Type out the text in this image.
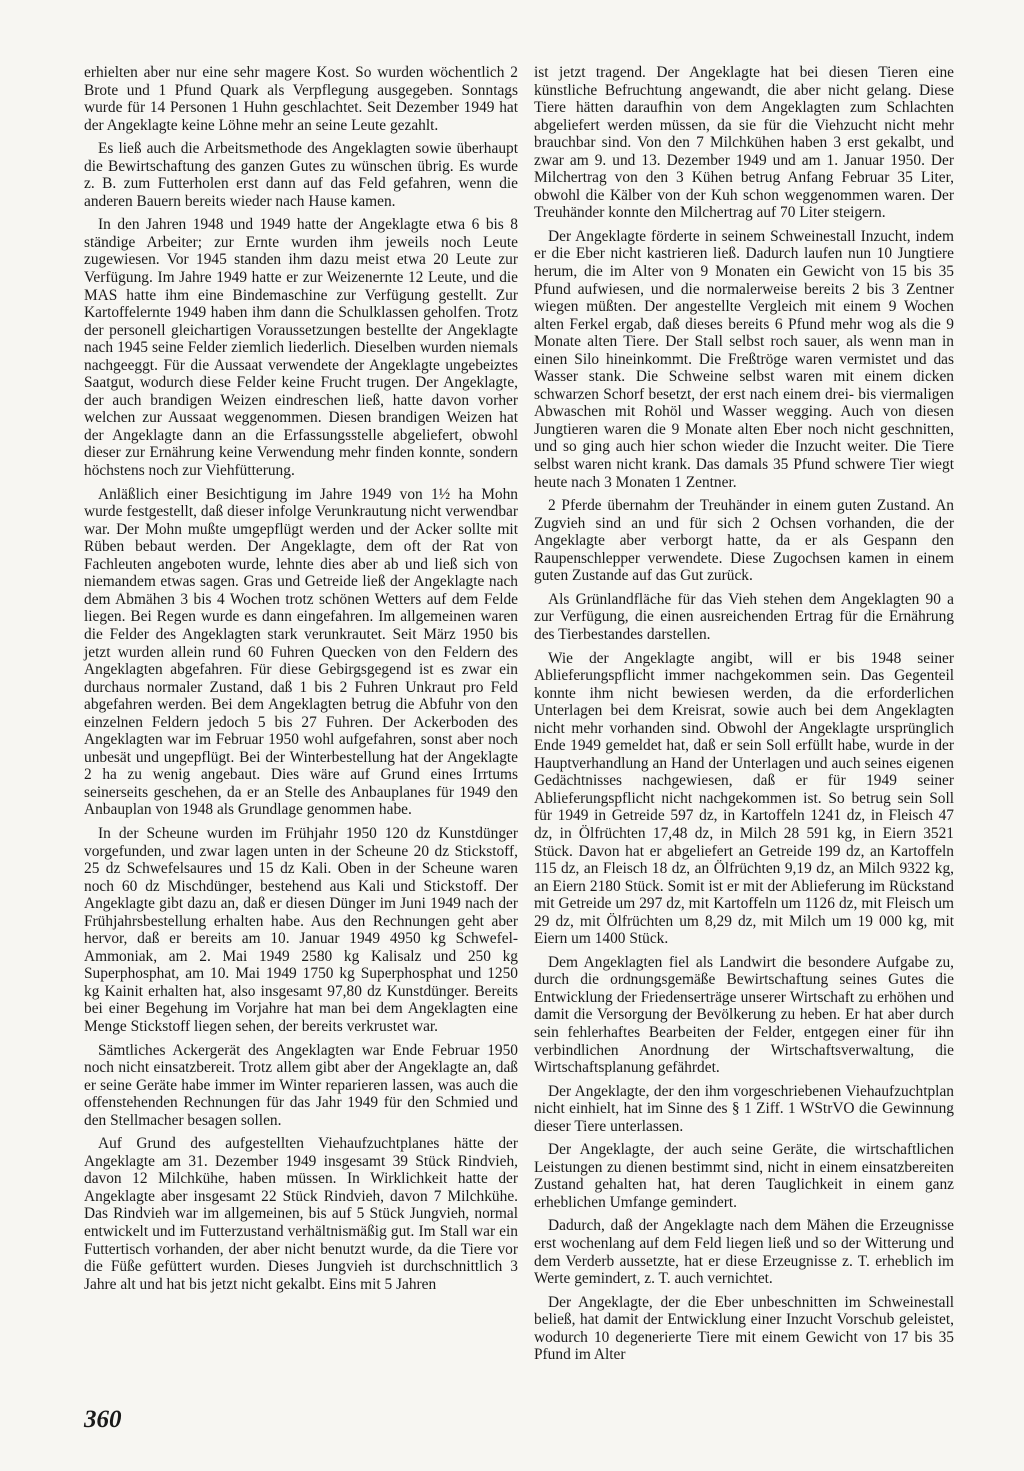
erhielten aber nur eine sehr magere Kost. So wurden wöchentlich 2 Brote und 1 Pfund Quark als Verpflegung ausgegeben. Sonntags wurde für 14 Personen 1 Huhn geschlachtet. Seit Dezember 1949 hat der Angeklagte keine Löhne mehr an seine Leute gezahlt.

Es ließ auch die Arbeitsmethode des Angeklagten sowie überhaupt die Bewirtschaftung des ganzen Gutes zu wünschen übrig. Es wurde z. B. zum Futterholen erst dann auf das Feld gefahren, wenn die anderen Bauern bereits wieder nach Hause kamen.

In den Jahren 1948 und 1949 hatte der Angeklagte etwa 6 bis 8 ständige Arbeiter; zur Ernte wurden ihm jeweils noch Leute zugewiesen. Vor 1945 standen ihm dazu meist etwa 20 Leute zur Verfügung. Im Jahre 1949 hatte er zur Weizenernte 12 Leute, und die MAS hatte ihm eine Bindemaschine zur Verfügung gestellt. Zur Kartoffelernte 1949 haben ihm dann die Schulklassen geholfen. Trotz der personell gleichartigen Voraussetzungen bestellte der Angeklagte nach 1945 seine Felder ziemlich liederlich. Dieselben wurden niemals nachgeeggt. Für die Aussaat verwendete der Angeklagte ungebeiztes Saatgut, wodurch diese Felder keine Frucht trugen. Der Angeklagte, der auch brandigen Weizen eindreschen ließ, hatte davon vorher welchen zur Aussaat weggenommen. Diesen brandigen Weizen hat der Angeklagte dann an die Erfassungsstelle abgeliefert, obwohl dieser zur Ernährung keine Verwendung mehr finden konnte, sondern höchstens noch zur Viehfütterung.

Anläßlich einer Besichtigung im Jahre 1949 von 1½ ha Mohn wurde festgestellt, daß dieser infolge Verunkrautung nicht verwendbar war. Der Mohn mußte umgepflügt werden und der Acker sollte mit Rüben bebaut werden. Der Angeklagte, dem oft der Rat von Fachleuten angeboten wurde, lehnte dies aber ab und ließ sich von niemandem etwas sagen. Gras und Getreide ließ der Angeklagte nach dem Abmähen 3 bis 4 Wochen trotz schönen Wetters auf dem Felde liegen. Bei Regen wurde es dann eingefahren. Im allgemeinen waren die Felder des Angeklagten stark verunkrautet. Seit März 1950 bis jetzt wurden allein rund 60 Fuhren Quecken von den Feldern des Angeklagten abgefahren. Für diese Gebirgsgegend ist es zwar ein durchaus normaler Zustand, daß 1 bis 2 Fuhren Unkraut pro Feld abgefahren werden. Bei dem Angeklagten betrug die Abfuhr von den einzelnen Feldern jedoch 5 bis 27 Fuhren. Der Ackerboden des Angeklagten war im Februar 1950 wohl aufgefahren, sonst aber noch unbesät und ungepflügt. Bei der Winterbestellung hat der Angeklagte 2 ha zu wenig angebaut. Dies wäre auf Grund eines Irrtums seinerseits geschehen, da er an Stelle des Anbauplanes für 1949 den Anbauplan von 1948 als Grundlage genommen habe.

In der Scheune wurden im Frühjahr 1950 120 dz Kunstdünger vorgefunden, und zwar lagen unten in der Scheune 20 dz Stickstoff, 25 dz Schwefelsaures und 15 dz Kali. Oben in der Scheune waren noch 60 dz Mischdünger, bestehend aus Kali und Stickstoff. Der Angeklagte gibt dazu an, daß er diesen Dünger im Juni 1949 nach der Frühjahrsbestellung erhalten habe. Aus den Rechnungen geht aber hervor, daß er bereits am 10. Januar 1949 4950 kg Schwefel-Ammoniak, am 2. Mai 1949 2580 kg Kalisalz und 250 kg Superphosphat, am 10. Mai 1949 1750 kg Superphosphat und 1250 kg Kainit erhalten hat, also insgesamt 97,80 dz Kunstdünger. Bereits bei einer Begehung im Vorjahre hat man bei dem Angeklagten eine Menge Stickstoff liegen sehen, der bereits verkrustet war.

Sämtliches Ackergerät des Angeklagten war Ende Februar 1950 noch nicht einsatzbereit. Trotz allem gibt aber der Angeklagte an, daß er seine Geräte habe immer im Winter reparieren lassen, was auch die offenstehenden Rechnungen für das Jahr 1949 für den Schmied und den Stellmacher besagen sollen.

Auf Grund des aufgestellten Viehaufzuchtplanes hätte der Angeklagte am 31. Dezember 1949 insgesamt 39 Stück Rindvieh, davon 12 Milchkühe, haben müssen. In Wirklichkeit hatte der Angeklagte aber insgesamt 22 Stück Rindvieh, davon 7 Milchkühe. Das Rindvieh war im allgemeinen, bis auf 5 Stück Jungvieh, normal entwickelt und im Futterzustand verhältnismäßig gut. Im Stall war ein Futtertisch vorhanden, der aber nicht benutzt wurde, da die Tiere vor die Füße gefüttert wurden. Dieses Jungvieh ist durchschnittlich 3 Jahre alt und hat bis jetzt nicht gekalbt. Eins mit 5 Jahren

ist jetzt tragend. Der Angeklagte hat bei diesen Tieren eine künstliche Befruchtung angewandt, die aber nicht gelang. Diese Tiere hätten daraufhin von dem Angeklagten zum Schlachten abgeliefert werden müssen, da sie für die Viehzucht nicht mehr brauchbar sind. Von den 7 Milchkühen haben 3 erst gekalbt, und zwar am 9. und 13. Dezember 1949 und am 1. Januar 1950. Der Milchertrag von den 3 Kühen betrug Anfang Februar 35 Liter, obwohl die Kälber von der Kuh schon weggenommen waren. Der Treuhänder konnte den Milchertrag auf 70 Liter steigern.

Der Angeklagte förderte in seinem Schweinestall Inzucht, indem er die Eber nicht kastrieren ließ. Dadurch laufen nun 10 Jungtiere herum, die im Alter von 9 Monaten ein Gewicht von 15 bis 35 Pfund aufwiesen, und die normalerweise bereits 2 bis 3 Zentner wiegen müßten. Der angestellte Vergleich mit einem 9 Wochen alten Ferkel ergab, daß dieses bereits 6 Pfund mehr wog als die 9 Monate alten Tiere. Der Stall selbst roch sauer, als wenn man in einen Silo hineinkommt. Die Freßtröge waren vermistet und das Wasser stank. Die Schweine selbst waren mit einem dicken schwarzen Schorf besetzt, der erst nach einem drei- bis viermaligen Abwaschen mit Rohöl und Wasser wegging. Auch von diesen Jungtieren waren die 9 Monate alten Eber noch nicht geschnitten, und so ging auch hier schon wieder die Inzucht weiter. Die Tiere selbst waren nicht krank. Das damals 35 Pfund schwere Tier wiegt heute nach 3 Monaten 1 Zentner.

2 Pferde übernahm der Treuhänder in einem guten Zustand. An Zugvieh sind an und für sich 2 Ochsen vorhanden, die der Angeklagte aber verborgt hatte, da er als Gespann den Raupenschlepper verwendete. Diese Zugochsen kamen in einem guten Zustande auf das Gut zurück.

Als Grünlandfläche für das Vieh stehen dem Angeklagten 90 a zur Verfügung, die einen ausreichenden Ertrag für die Ernährung des Tierbestandes darstellen.

Wie der Angeklagte angibt, will er bis 1948 seiner Ablieferungspflicht immer nachgekommen sein. Das Gegenteil konnte ihm nicht bewiesen werden, da die erforderlichen Unterlagen bei dem Kreisrat, sowie auch bei dem Angeklagten nicht mehr vorhanden sind. Obwohl der Angeklagte ursprünglich Ende 1949 gemeldet hat, daß er sein Soll erfüllt habe, wurde in der Hauptverhandlung an Hand der Unterlagen und auch seines eigenen Gedächtnisses nachgewiesen, daß er für 1949 seiner Ablieferungspflicht nicht nachgekommen ist. So betrug sein Soll für 1949 in Getreide 597 dz, in Kartoffeln 1241 dz, in Fleisch 47 dz, in Ölfrüchten 17,48 dz, in Milch 28 591 kg, in Eiern 3521 Stück. Davon hat er abgeliefert an Getreide 199 dz, an Kartoffeln 115 dz, an Fleisch 18 dz, an Ölfrüchten 9,19 dz, an Milch 9322 kg, an Eiern 2180 Stück. Somit ist er mit der Ablieferung im Rückstand mit Getreide um 297 dz, mit Kartoffeln um 1126 dz, mit Fleisch um 29 dz, mit Ölfrüchten um 8,29 dz, mit Milch um 19 000 kg, mit Eiern um 1400 Stück.

Dem Angeklagten fiel als Landwirt die besondere Aufgabe zu, durch die ordnungsgemäße Bewirtschaftung seines Gutes die Entwicklung der Friedenserträge unserer Wirtschaft zu erhöhen und damit die Versorgung der Bevölkerung zu heben. Er hat aber durch sein fehlerhaftes Bearbeiten der Felder, entgegen einer für ihn verbindlichen Anordnung der Wirtschaftsverwaltung, die Wirtschaftsplanung gefährdet.

Der Angeklagte, der den ihm vorgeschriebenen Viehaufzuchtplan nicht einhielt, hat im Sinne des § 1 Ziff. 1 WStrVO die Gewinnung dieser Tiere unterlassen.

Der Angeklagte, der auch seine Geräte, die wirtschaftlichen Leistungen zu dienen bestimmt sind, nicht in einem einsatzbereiten Zustand gehalten hat, hat deren Tauglichkeit in einem ganz erheblichen Umfange gemindert.

Dadurch, daß der Angeklagte nach dem Mähen die Erzeugnisse erst wochenlang auf dem Feld liegen ließ und so der Witterung und dem Verderb aussetzte, hat er diese Erzeugnisse z. T. erheblich im Werte gemindert, z. T. auch vernichtet.

Der Angeklagte, der die Eber unbeschnitten im Schweinestall beließ, hat damit der Entwicklung einer Inzucht Vorschub geleistet, wodurch 10 degenerierte Tiere mit einem Gewicht von 17 bis 35 Pfund im Alter

360
